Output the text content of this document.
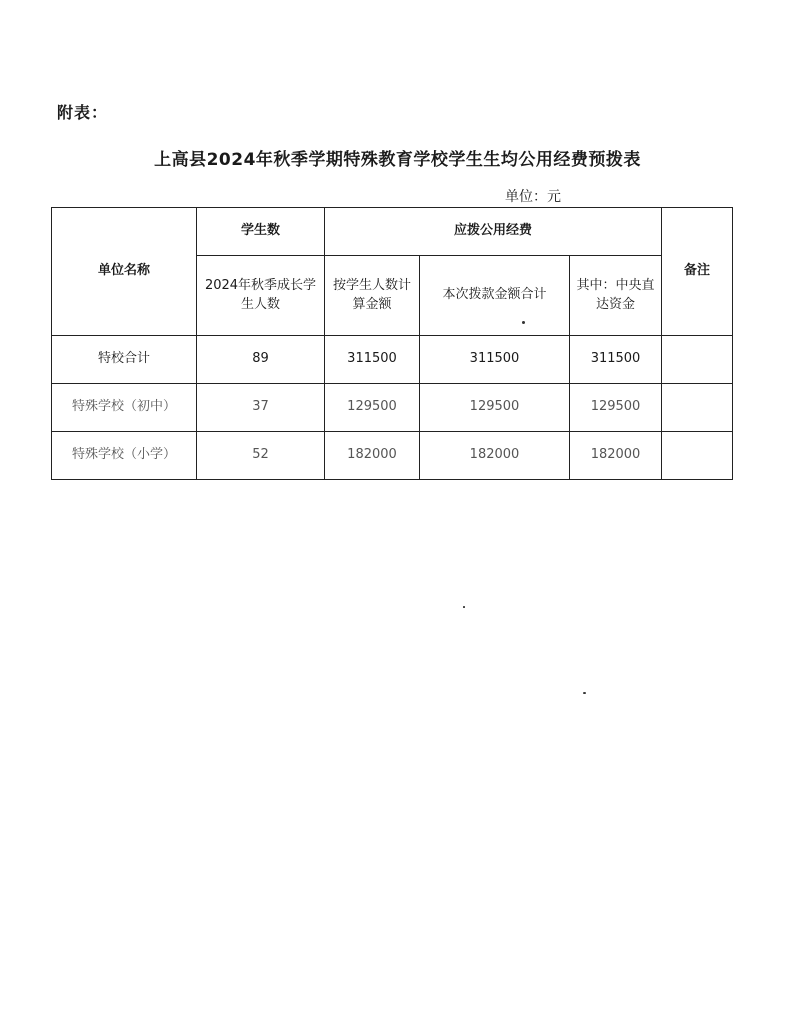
附表：
上高县2024年秋季学期特殊教育学校学生生均公用经费预拨表
单位：元
单位名称	学生数	应拨公用经费			备注
	2024年秋季成长学生人数	按学生人数计算金额	本次拨款金额合计	其中：中央直达资金	
特校合计	89	311500	311500	311500	
特殊学校（初中）	37	129500	129500	129500	
特殊学校（小学）	52	182000	182000	182000	
